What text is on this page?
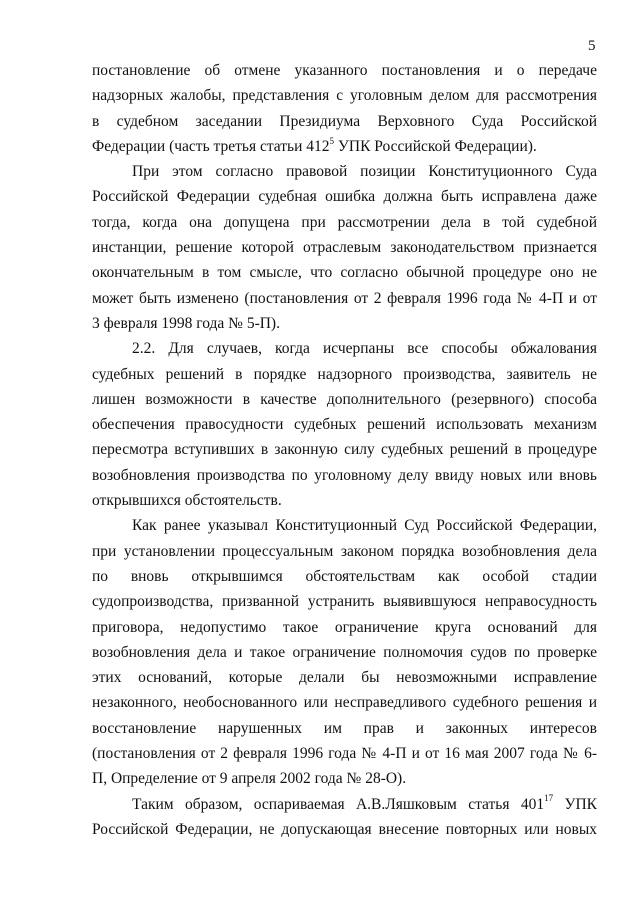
5
постановление об отмене указанного постановления и о передаче
надзорных жалобы, представления с уголовным делом для рассмотрения
в судебном заседании Президиума Верховного Суда Российской
Федерации (часть третья статьи $412^5$ УПК Российской Федерации).
При этом согласно правовой позиции Конституционного Суда
Российской Федерации судебная ошибка должна быть исправлена даже
тогда, когда она допущена при рассмотрении дела в той судебной
инстанции, решение которой отраслевым законодательством признается
окончательным в том смысле, что согласно обычной процедуре оно не
может быть изменено (постановления от 2 февраля 1996 года № 4-П и от
3 февраля 1998 года № 5-П).
2.2. Для случаев, когда исчерпаны все способы обжалования
судебных решений в порядке надзорного производства, заявитель не
лишен возможности в качестве дополнительного (резервного) способа
обеспечения правосудности судебных решений использовать механизм
пересмотра вступивших в законную силу судебных решений в процедуре
возобновления производства по уголовному делу ввиду новых или вновь
открывшихся обстоятельств.
Как ранее указывал Конституционный Суд Российской Федерации,
при установлении процессуальным законом порядка возобновления дела
по вновь открывшимся обстоятельствам как особой стадии
судопроизводства, призванной устранить выявившуюся неправосудность
приговора, недопустимо такое ограничение круга оснований для
возобновления дела и такое ограничение полномочия судов по проверке
этих оснований, которые делали бы невозможными исправление
незаконного, необоснованного или несправедливого судебного решения и
восстановление нарушенных им прав и законных интересов
(постановления от 2 февраля 1996 года № 4-П и от 16 мая 2007 года № 6-
П, Определение от 9 апреля 2002 года № 28-О).
Таким образом, оспариваемая А.В.Ляшковым статья $401^{17}$ УПК
Российской Федерации, не допускающая внесение повторных или новых
